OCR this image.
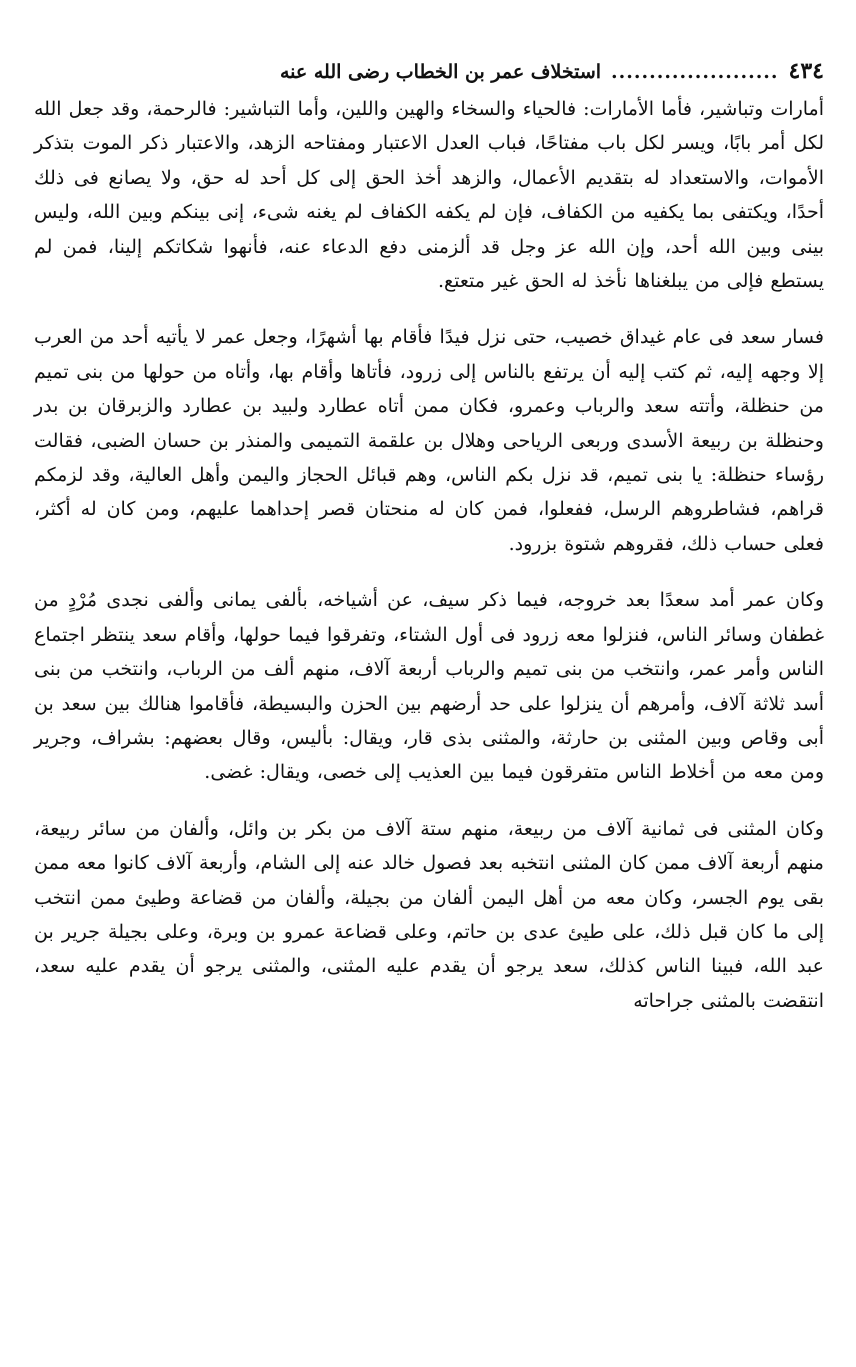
٤٣٤
......................
استخلاف عمر بن الخطاب رضى الله عنه

أمارات وتباشير، فأما الأمارات: فالحياء والسخاء والهين واللين، وأما التباشير: فالرحمة، وقد جعل الله لكل أمر بابًا، ويسر لكل باب مفتاحًا، فباب العدل الاعتبار ومفتاحه الزهد، والاعتبار ذكر الموت بتذكر الأموات، والاستعداد له بتقديم الأعمال، والزهد أخذ الحق إلى كل أحد له حق، ولا يصانع فى ذلك أحدًا، ويكتفى بما يكفيه من الكفاف، فإن لم يكفه الكفاف لم يغنه شىء، إنى بينكم وبين الله، وليس بينى وبين الله أحد، وإن الله عز وجل قد ألزمنى دفع الدعاء عنه، فأنهوا شكاتكم إلينا، فمن لم يستطع فإلى من يبلغناها نأخذ له الحق غير متعتع.

فسار سعد فى عام غيداق خصيب، حتى نزل فيدًا فأقام بها أشهرًا، وجعل عمر لا يأتيه أحد من العرب إلا وجهه إليه، ثم كتب إليه أن يرتفع بالناس إلى زرود، فأتاها وأقام بها، وأتاه من حولها من بنى تميم من حنظلة، وأتته سعد والرباب وعمرو، فكان ممن أتاه عطارد ولبيد بن عطارد والزبرقان بن بدر وحنظلة بن ربيعة الأسدى وربعى الرياحى وهلال بن علقمة التميمى والمنذر بن حسان الضبى، فقالت رؤساء حنظلة: يا بنى تميم، قد نزل بكم الناس، وهم قبائل الحجاز واليمن وأهل العالية، وقد لزمكم قراهم، فشاطروهم الرسل، ففعلوا، فمن كان له منحتان قصر إحداهما عليهم، ومن كان له أكثر، فعلى حساب ذلك، فقروهم شتوة بزرود.

وكان عمر أمد سعدًا بعد خروجه، فيما ذكر سيف، عن أشياخه، بألفى يمانى وألفى نجدى مُرْدٍ من غطفان وسائر الناس، فنزلوا معه زرود فى أول الشتاء، وتفرقوا فيما حولها، وأقام سعد ينتظر اجتماع الناس وأمر عمر، وانتخب من بنى تميم والرباب أربعة آلاف، منهم ألف من الرباب، وانتخب من بنى أسد ثلاثة آلاف، وأمرهم أن ينزلوا على حد أرضهم بين الحزن والبسيطة، فأقاموا هنالك بين سعد بن أبى وقاص وبين المثنى بن حارثة، والمثنى بذى قار، ويقال: بأليس، وقال بعضهم: بشراف، وجرير ومن معه من أخلاط الناس متفرقون فيما بين العذيب إلى خصى، ويقال: غضى.

وكان المثنى فى ثمانية آلاف من ربيعة، منهم ستة آلاف من بكر بن وائل، وألفان من سائر ربيعة، منهم أربعة آلاف ممن كان المثنى انتخبه بعد فصول خالد عنه إلى الشام، وأربعة آلاف كانوا معه ممن بقى يوم الجسر، وكان معه من أهل اليمن ألفان من بجيلة، وألفان من قضاعة وطيئ ممن انتخب إلى ما كان قبل ذلك، على طيئ عدى بن حاتم، وعلى قضاعة عمرو بن وبرة، وعلى بجيلة جرير بن عبد الله، فبينا الناس كذلك، سعد يرجو أن يقدم عليه المثنى، والمثنى يرجو أن يقدم عليه سعد، انتقضت بالمثنى جراحاته
